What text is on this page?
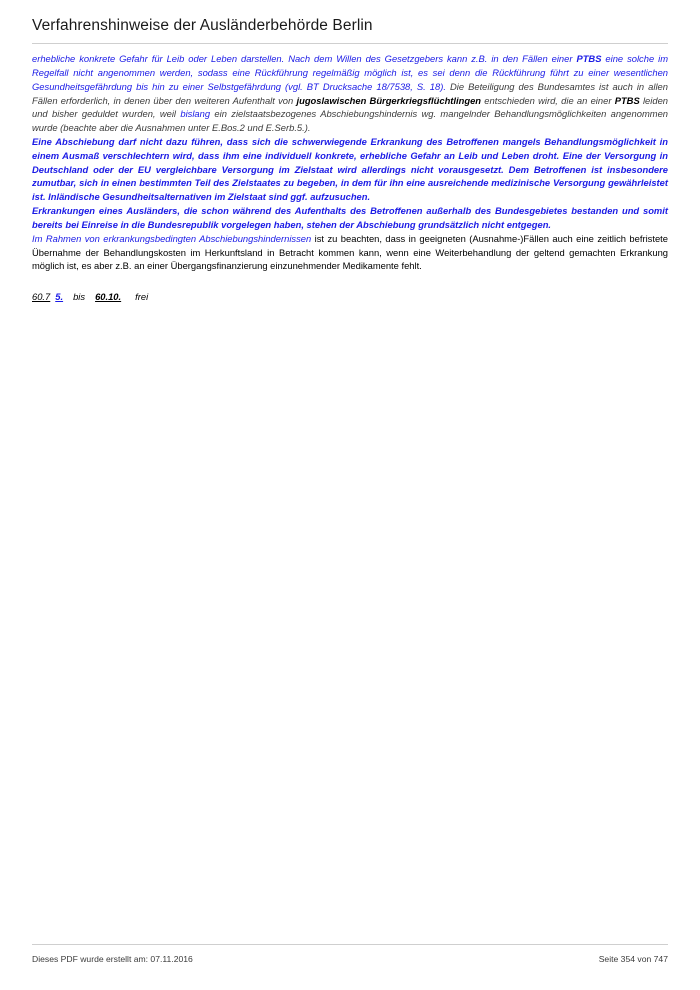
Verfahrenshinweise der Ausländerbehörde Berlin

erhebliche konkrete Gefahr für Leib oder Leben darstellen. Nach dem Willen des Gesetzgebers kann z.B. in den Fällen einer PTBS eine solche im Regelfall nicht angenommen werden, sodass eine Rückführung regelmäßig möglich ist, es sei denn die Rückführung führt zu einer wesentlichen Gesundheitsgefährdung bis hin zu einer Selbstgefährdung (vgl. BT Drucksache 18/7538, S. 18). Die Beteiligung des Bundesamtes ist auch in allen Fällen erforderlich, in denen über den weiteren Aufenthalt von jugoslawischen Bürgerkriegsflüchtlingen entschieden wird, die an einer PTBS leiden und bisher geduldet wurden, weil bislang ein zielstaatsbezogenes Abschiebungshindernis wg. mangelnder Behandlungsmöglichkeiten angenommen wurde (beachte aber die Ausnahmen unter E.Bos.2 und E.Serb.5.).

Eine Abschiebung darf nicht dazu führen, dass sich die schwerwiegende Erkrankung des Betroffenen mangels Behandlungsmöglichkeit in einem Ausmaß verschlechtern wird, dass ihm eine individuell konkrete, erhebliche Gefahr an Leib und Leben droht. Eine der Versorgung in Deutschland oder der EU vergleichbare Versorgung im Zielstaat wird allerdings nicht vorausgesetzt. Dem Betroffenen ist insbesondere zumutbar, sich in einen bestimmten Teil des Zielstaates zu begeben, in dem für ihn eine ausreichende medizinische Versorgung gewährleistet ist. Inländische Gesundheitsalternativen im Zielstaat sind ggf. aufzusuchen.

Erkrankungen eines Ausländers, die schon während des Aufenthalts des Betroffenen außerhalb des Bundesgebietes bestanden und somit bereits bei Einreise in die Bundesrepublik vorgelegen haben, stehen der Abschiebung grundsätzlich nicht entgegen.

Im Rahmen von erkrankungsbedingten Abschiebungshindernissen ist zu beachten, dass in geeigneten (Ausnahme-)Fällen auch eine zeitlich befristete Übernahme der Behandlungskosten im Herkunftsland in Betracht kommen kann, wenn eine Weiterbehandlung der geltend gemachten Erkrankung möglich ist, es aber z.B. an einer Übergangsfinanzierung einzunehmender Medikamente fehlt.

60.7 5. bis 60.10. frei
Dieses PDF wurde erstellt am: 07.11.2016	Seite 354 von 747
